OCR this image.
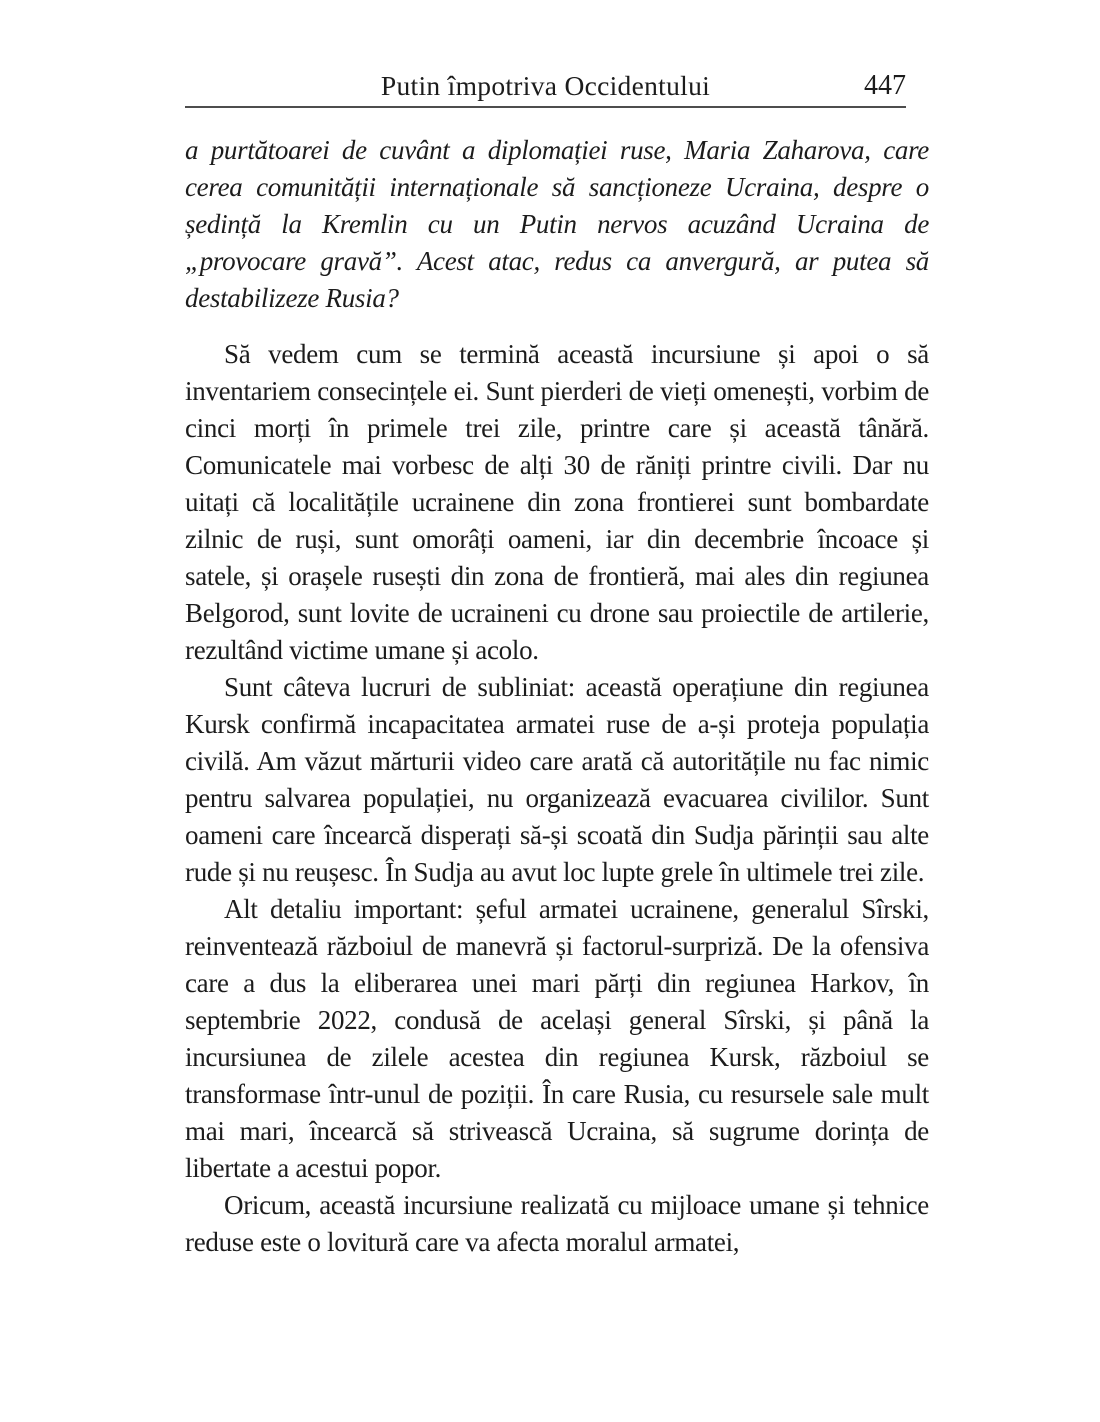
Putin împotriva Occidentului	447

a purtătoarei de cuvânt a diplomației ruse, Maria Zaharova, care cerea comunității internaționale să sancționeze Ucraina, despre o ședință la Kremlin cu un Putin nervos acuzând Ucraina de „provocare gravă”. Acest atac, redus ca anvergură, ar putea să destabilizeze Rusia?

Să vedem cum se termină această incursiune și apoi o să inventariem consecințele ei. Sunt pierderi de vieți omenești, vorbim de cinci morți în primele trei zile, printre care și această tânără. Comunicatele mai vorbesc de alți 30 de răniți printre civili. Dar nu uitați că localitățile ucrainene din zona frontierei sunt bombardate zilnic de ruși, sunt omorâți oameni, iar din decembrie încoace și satele, și orașele rusești din zona de frontieră, mai ales din regiunea Belgorod, sunt lovite de ucraineni cu drone sau proiectile de artilerie, rezultând victime umane și acolo.

Sunt câteva lucruri de subliniat: această operațiune din regiunea Kursk confirmă incapacitatea armatei ruse de a-și proteja populația civilă. Am văzut mărturii video care arată că autoritățile nu fac nimic pentru salvarea populației, nu organizează evacuarea civililor. Sunt oameni care încearcă disperați să-și scoată din Sudja părinții sau alte rude și nu reușesc. În Sudja au avut loc lupte grele în ultimele trei zile.

Alt detaliu important: șeful armatei ucrainene, generalul Sîrski, reinventează războiul de manevră și factorul-surpriză. De la ofensiva care a dus la eliberarea unei mari părți din regiunea Harkov, în septembrie 2022, condusă de același general Sîrski, și până la incursiunea de zilele acestea din regiunea Kursk, războiul se transformase într-unul de poziții. În care Rusia, cu resursele sale mult mai mari, încearcă să strivească Ucraina, să sugrume dorința de libertate a acestui popor.

Oricum, această incursiune realizată cu mijloace umane și tehnice reduse este o lovitură care va afecta moralul armatei,
